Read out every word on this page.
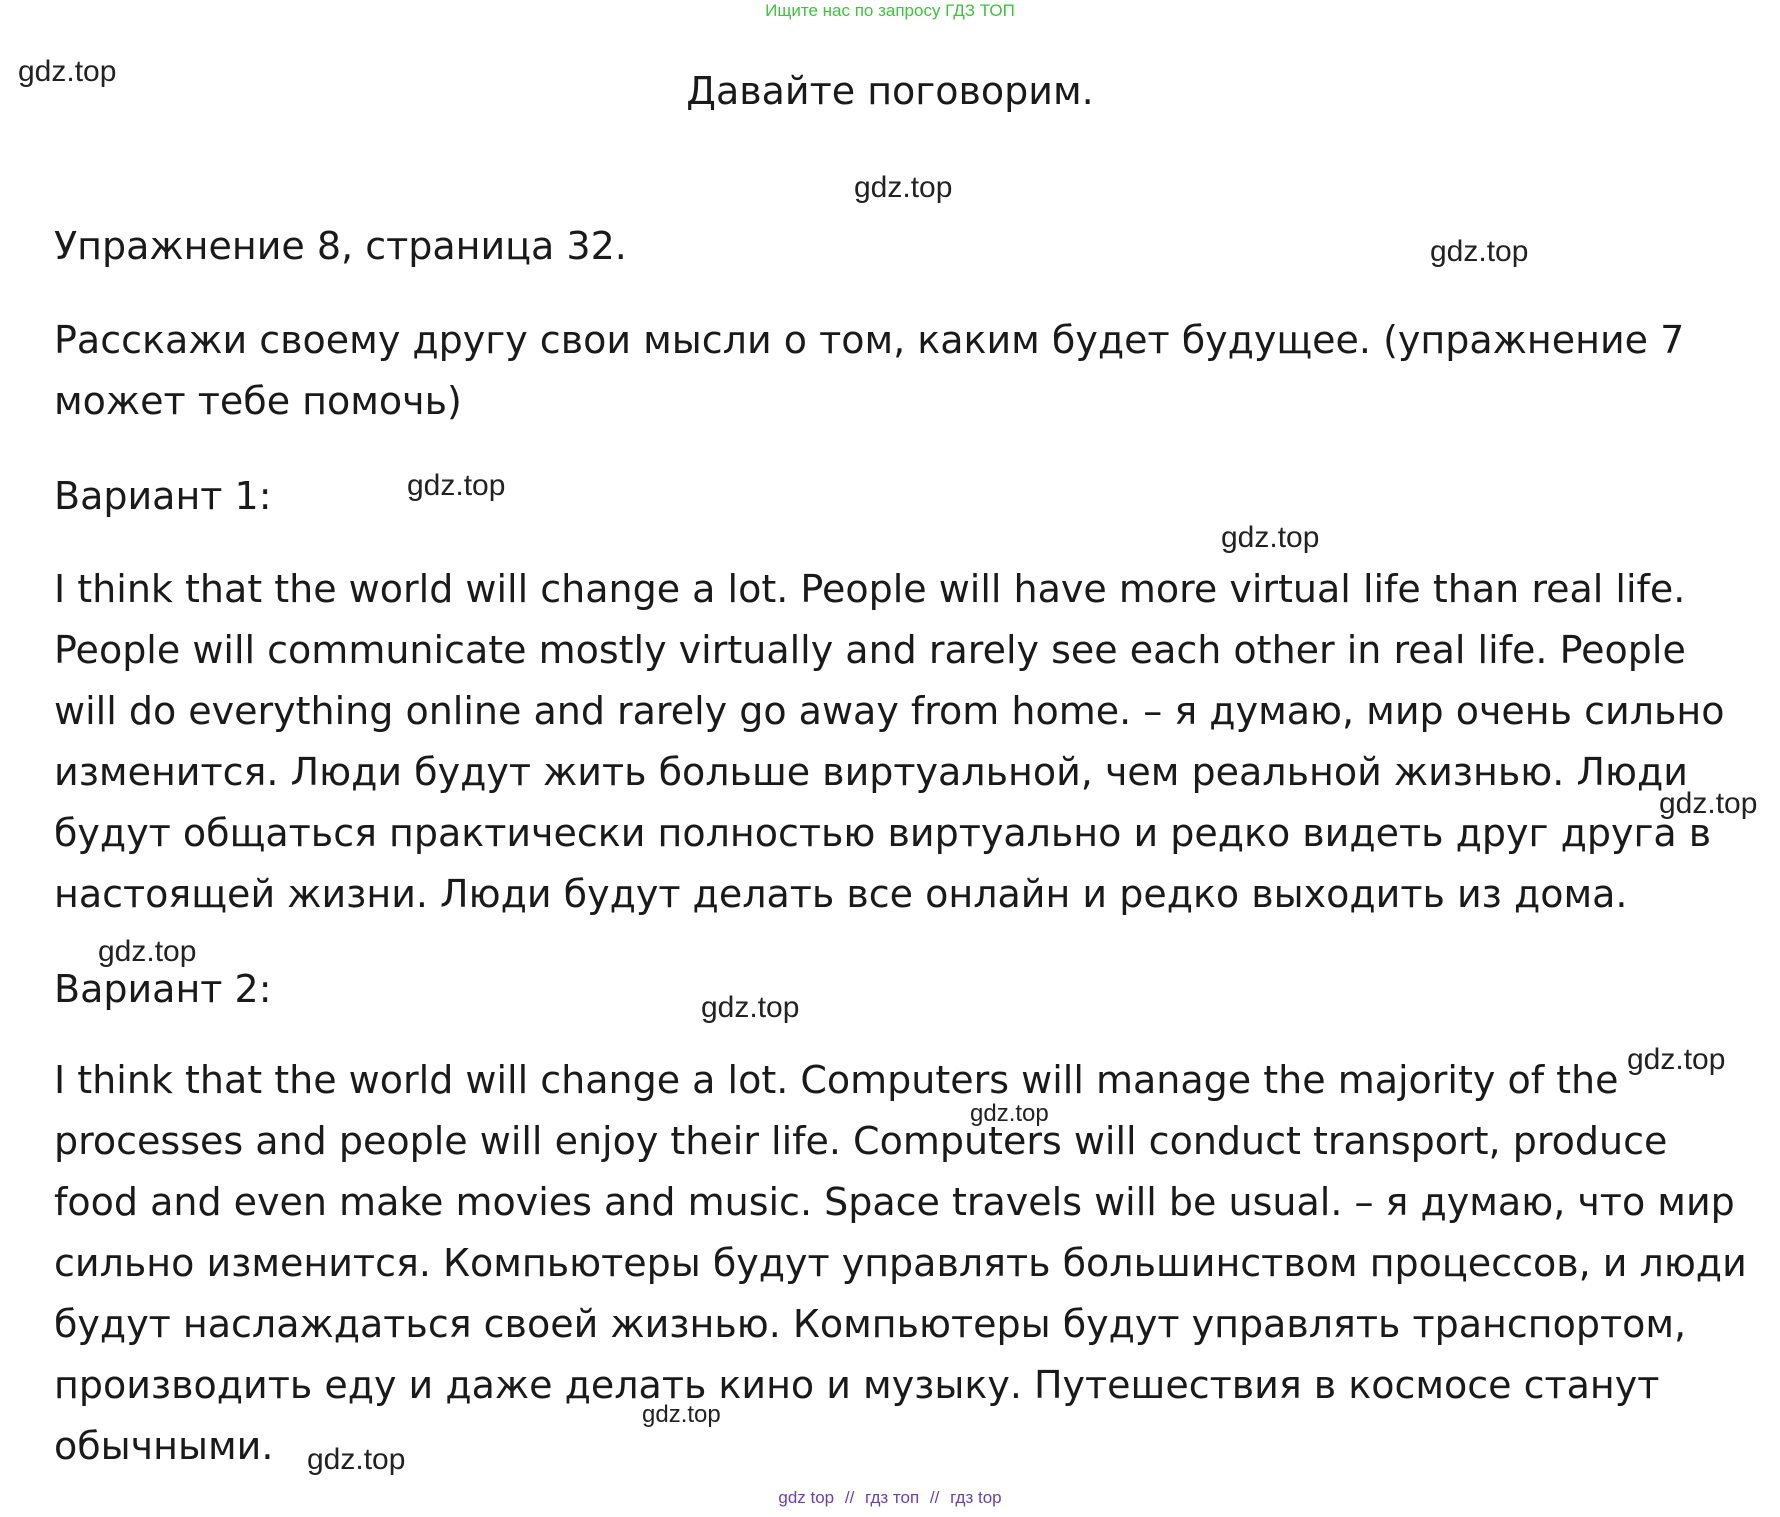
Ищите нас по запросу ГДЗ ТОП
Давайте поговорим.
gdz.top
gdz.top
gdz.top
gdz.top
gdz.top
gdz.top
gdz.top
gdz.top
gdz.top
gdz.top
gdz.top
gdz.top
Упражнение 8, страница 32.
Расскажи своему другу свои мысли о том, каким будет будущее. (упражнение 7
может тебе помочь)
Вариант 1:
I think that the world will change a lot. People will have more virtual life than real life.
People will communicate mostly virtually and rarely see each other in real life. People
will do everything online and rarely go away from home. – я думаю, мир очень сильно
изменится. Люди будут жить больше виртуальной, чем реальной жизнью. Люди
будут общаться практически полностью виртуально и редко видеть друг друга в
настоящей жизни. Люди будут делать все онлайн и редко выходить из дома.
Вариант 2:
I think that the world will change a lot. Computers will manage the majority of the
processes and people will enjoy their life. Computers will conduct transport, produce
food and even make movies and music. Space travels will be usual. – я думаю, что мир
сильно изменится. Компьютеры будут управлять большинством процессов, и люди
будут наслаждаться своей жизнью. Компьютеры будут управлять транспортом,
производить еду и даже делать кино и музыку. Путешествия в космосе станут
обычными.
gdz top // гдз топ // гдз top
